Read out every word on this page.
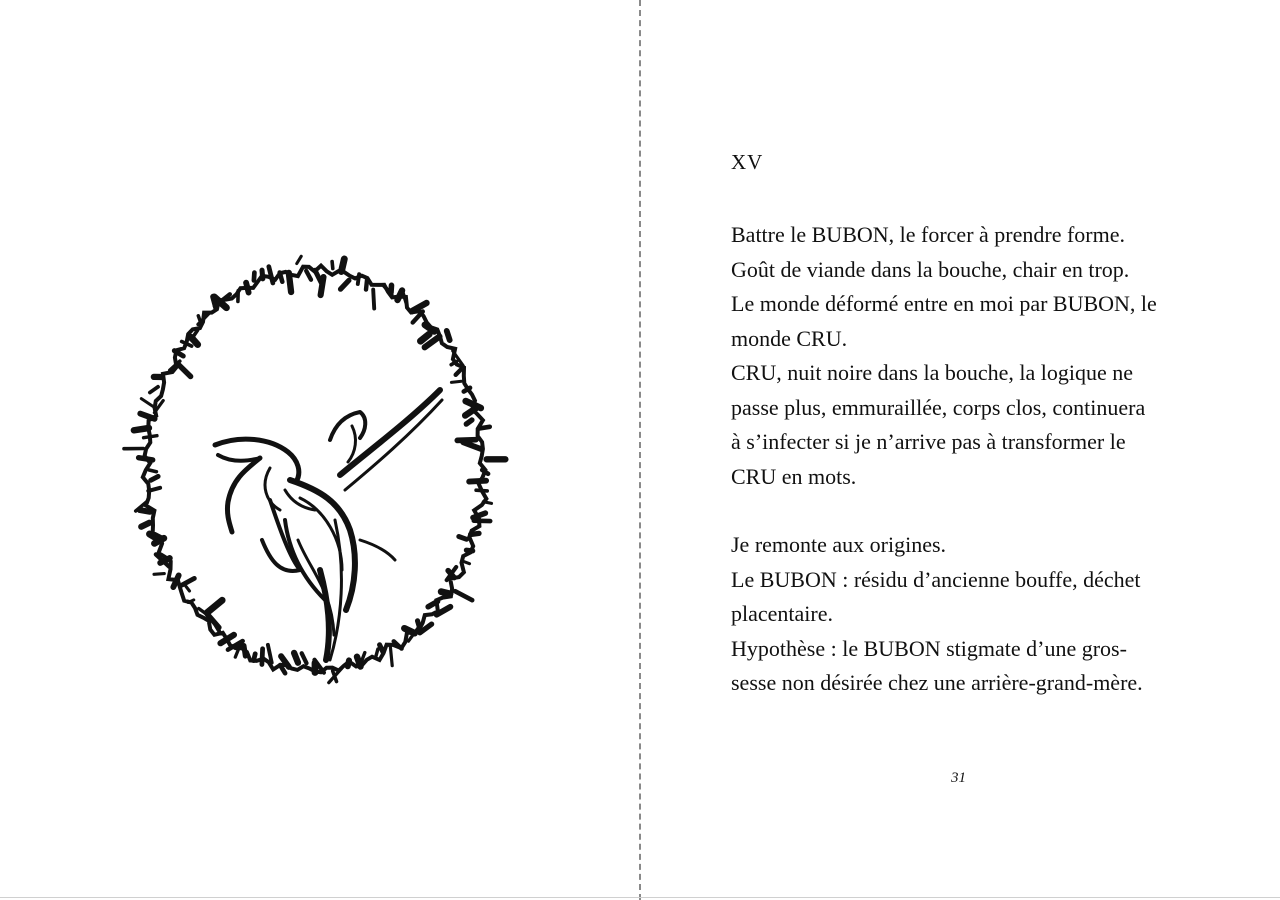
XV
Battre le BUBON, le forcer à prendre forme.
Goût de viande dans la bouche, chair en trop.
Le monde déformé entre en moi par BUBON, le
monde CRU.
CRU, nuit noire dans la bouche, la logique ne
passe plus, emmuraillée, corps clos, continuera
à s’infecter si je n’arrive pas à transformer le
CRU en mots.
Je remonte aux origines.
Le BUBON : résidu d’ancienne bouffe, déchet
placentaire.
Hypothèse : le BUBON stigmate d’une gros-
sesse non désirée chez une arrière-grand-mère.
31
